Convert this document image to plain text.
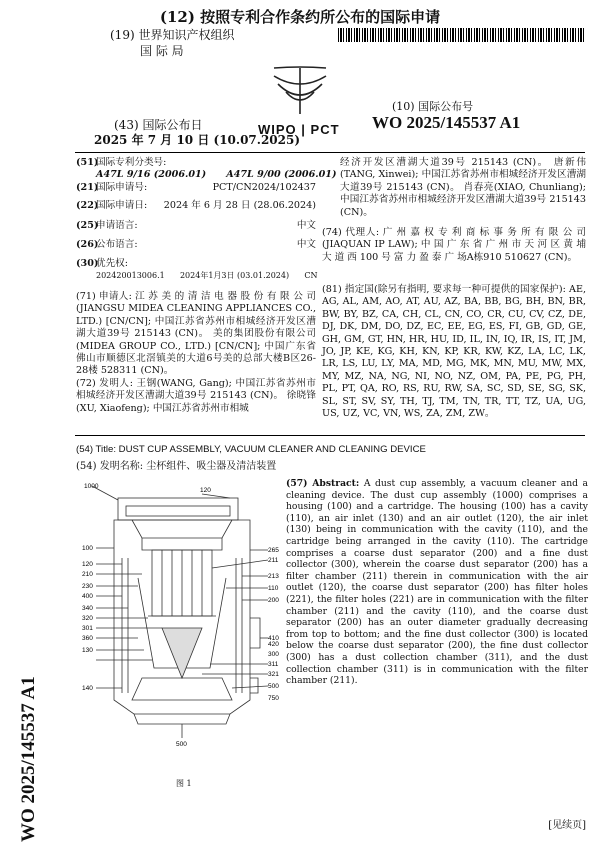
(12) 按照专利合作条约所公布的国际申请
(19) 世界知识产权组织
国 际 局
(43) 国际公布日
2025 年 7 月 10 日 (10.07.2025)
WIPO | PCT
(10) 国际公布号
WO 2025/145537 A1
(51)
国际专利分类号:
A47L 9/16 (2006.01)      A47L 9/00 (2006.01)
(21)
国际申请号:	PCT/CN2024/102437
(22)
国际申请日: 2024 年 6 月 28 日 (28.06.2024)
(25)
申请语言:	中文
(26)
公布语言:	中文
(30)
优先权:
202420013006.1      2024年1月3日 (03.01.2024)      CN
(71) 申请人: 江 苏 美 的 清 洁 电 器 股 份 有 限 公 司 (JIANGSU MIDEA CLEANING APPLIANCES CO., LTD.) [CN/CN]; 中国江苏省苏州市相城经济开发区漕湖大道39号 215143 (CN)。 美的集团股份有限公司(MIDEA GROUP CO., LTD.) [CN/CN]; 中国广东省佛山市顺德区北滘镇美的大道6号美的总部大楼B区26-28楼 528311 (CN)。
(72) 发明人: 王钢(WANG, Gang); 中国江苏省苏州市相城经济开发区漕湖大道39号 215143 (CN)。 徐晓锋(XU, Xiaofeng); 中国江苏省苏州市相城
经济开发区漕湖大道39号 215143 (CN)。 唐新伟(TANG, Xinwei); 中国江苏省苏州市相城经济开发区漕湖大道39号 215143 (CN)。 肖春亮(XIAO, Chunliang); 中国江苏省苏州市相城经济开发区漕湖大道39号 215143 (CN)。
(74) 代理人: 广 州 嘉 权 专 利 商 标 事 务 所 有 限 公 司 (JIAQUAN IP LAW); 中 国 广 东 省 广 州 市 天 河 区 黄 埔 大 道 西 100 号 富 力 盈 泰 广 场A栋910 510627 (CN)。
(81) 指定国(除另有指明, 要求每一种可提供的国家保护): AE, AG, AL, AM, AO, AT, AU, AZ, BA, BB, BG, BH, BN, BR, BW, BY, BZ, CA, CH, CL, CN, CO, CR, CU, CV, CZ, DE, DJ, DK, DM, DO, DZ, EC, EE, EG, ES, FI, GB, GD, GE, GH, GM, GT, HN, HR, HU, ID, IL, IN, IQ, IR, IS, IT, JM, JO, JP, KE, KG, KH, KN, KP, KR, KW, KZ, LA, LC, LK, LR, LS, LU, LY, MA, MD, MG, MK, MN, MU, MW, MX, MY, MZ, NA, NG, NI, NO, NZ, OM, PA, PE, PG, PH, PL, PT, QA, RO, RS, RU, RW, SA, SC, SD, SE, SG, SK, SL, ST, SV, SY, TH, TJ, TM, TN, TR, TT, TZ, UA, UG, US, UZ, VC, VN, WS, ZA, ZM, ZW。
(54) Title: DUST CUP ASSEMBLY, VACUUM CLEANER AND CLEANING DEVICE
(54) 发明名称: 尘杯组件、吸尘器及清洁装置
1000
120
100
120
210
230
400
340
320
301
360
130
140
265
211
213
110
200
300
311
321
410
420
500
750
500
图 1
(57) Abstract: A dust cup assembly, a vacuum cleaner and a cleaning device. The dust cup assembly (1000) comprises a housing (100) and a cartridge. The housing (100) has a cavity (110), an air inlet (130) and an air outlet (120), the air inlet (130) being in communication with the cavity (110), and the cartridge being arranged in the cavity (110). The cartridge comprises a coarse dust separator (200) and a fine dust collector (300), wherein the coarse dust separator (200) has a filter chamber (211) therein in communication with the air outlet (120), the coarse dust separator (200) has filter holes (221), the filter holes (221) are in communication with the filter chamber (211) and the cavity (110), and the coarse dust separator (200) has an outer diameter gradually decreasing from top to bottom; and the fine dust collector (300) is located below the coarse dust separator (200), the fine dust collector (300) has a dust collection chamber (311), and the dust collection chamber (311) is in communication with the filter chamber (211).
WO 2025/145537 A1	[见续页]
